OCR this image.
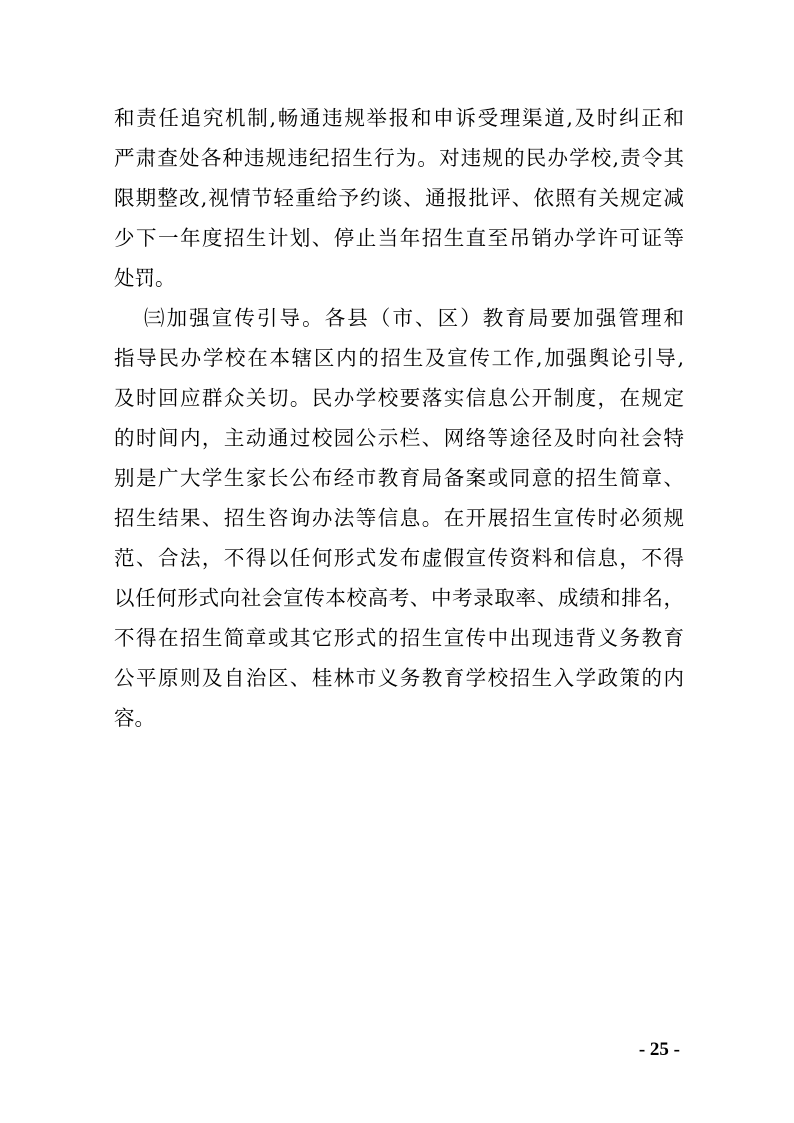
和责任追究机制,畅通违规举报和申诉受理渠道,及时纠正和
严肃查处各种违规违纪招生行为。对违规的民办学校,责令其
限期整改,视情节轻重给予约谈、通报批评、依照有关规定减
少下一年度招生计划、停止当年招生直至吊销办学许可证等
处罚。
㈢加强宣传引导。各县（市、区）教育局要加强管理和
指导民办学校在本辖区内的招生及宣传工作,加强舆论引导,
及时回应群众关切。民办学校要落实信息公开制度，在规定
的时间内，主动通过校园公示栏、网络等途径及时向社会特
别是广大学生家长公布经市教育局备案或同意的招生简章、
招生结果、招生咨询办法等信息。在开展招生宣传时必须规
范、合法，不得以任何形式发布虚假宣传资料和信息，不得
以任何形式向社会宣传本校高考、中考录取率、成绩和排名，
不得在招生简章或其它形式的招生宣传中出现违背义务教育
公平原则及自治区、桂林市义务教育学校招生入学政策的内
容。
- 25 -
